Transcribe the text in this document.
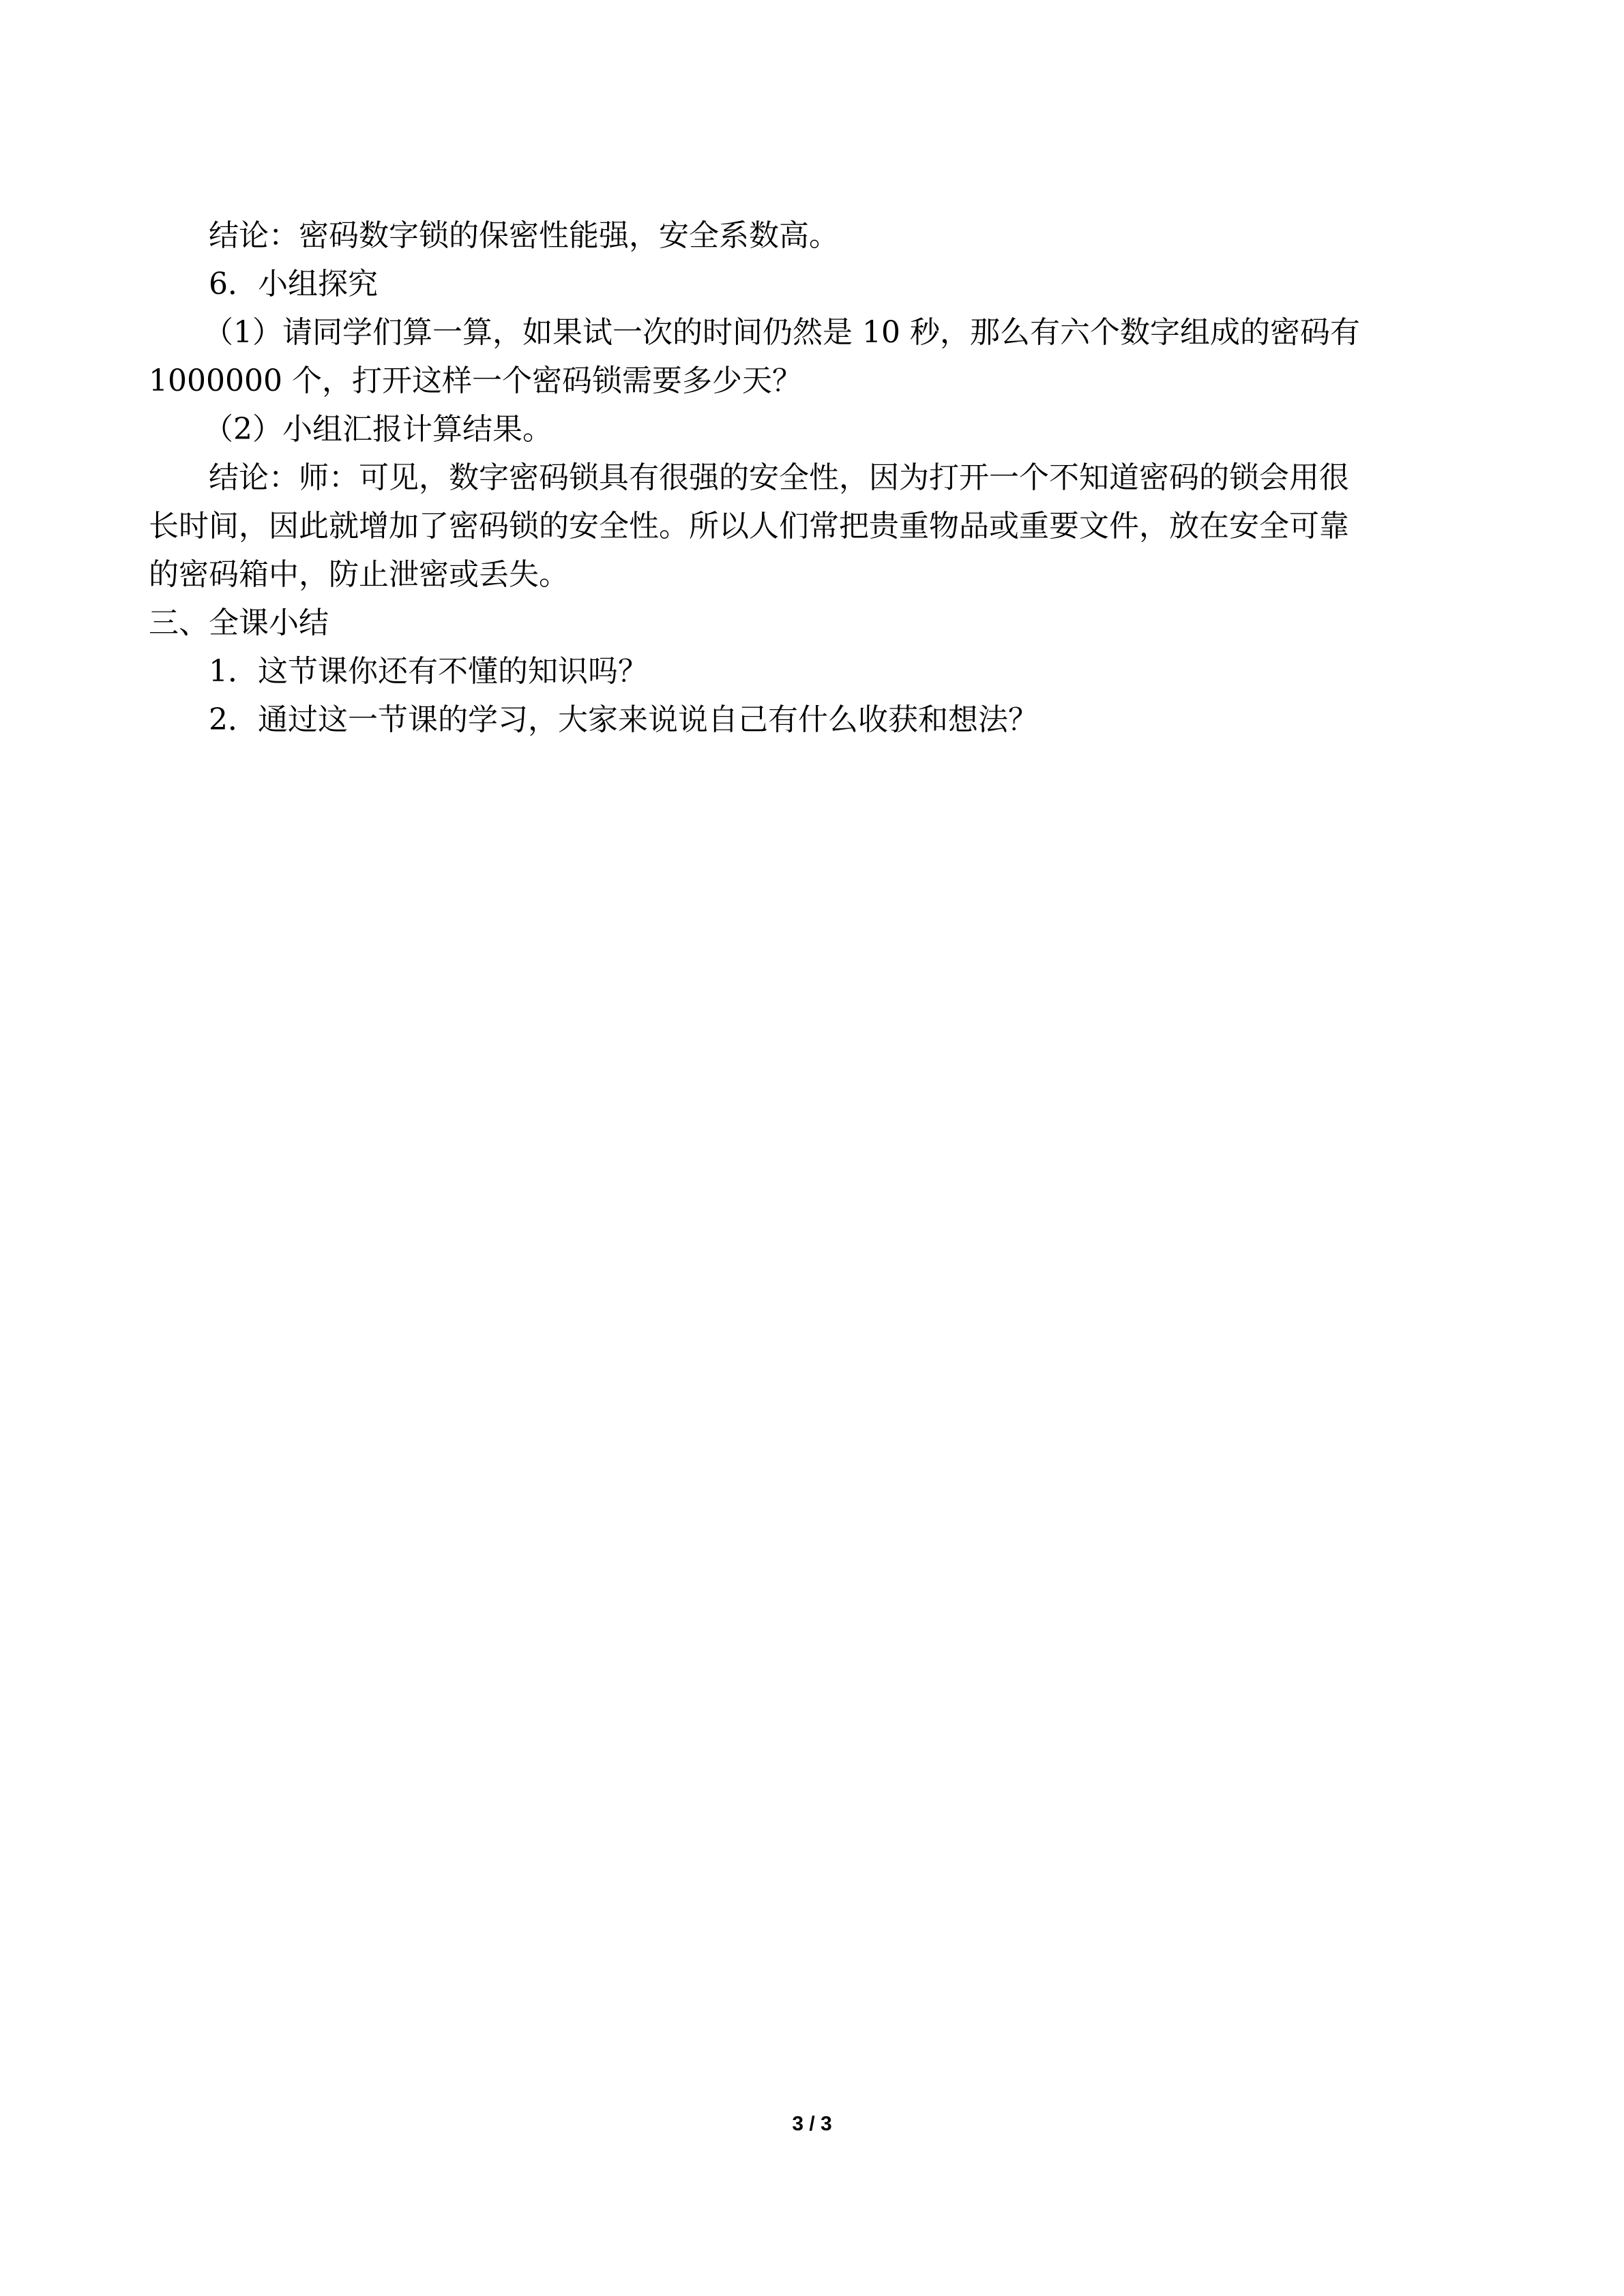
结论：密码数字锁的保密性能强，安全系数高。
6．小组探究
（1）请同学们算一算，如果试一次的时间仍然是 10 秒，那么有六个数字组成的密码有
1000000 个，打开这样一个密码锁需要多少天？
（2）小组汇报计算结果。
结论：师：可见，数字密码锁具有很强的安全性，因为打开一个不知道密码的锁会用很
长时间，因此就增加了密码锁的安全性。所以人们常把贵重物品或重要文件，放在安全可靠
的密码箱中，防止泄密或丢失。
三、全课小结
1．这节课你还有不懂的知识吗？
2．通过这一节课的学习，大家来说说自己有什么收获和想法？
3 / 3
